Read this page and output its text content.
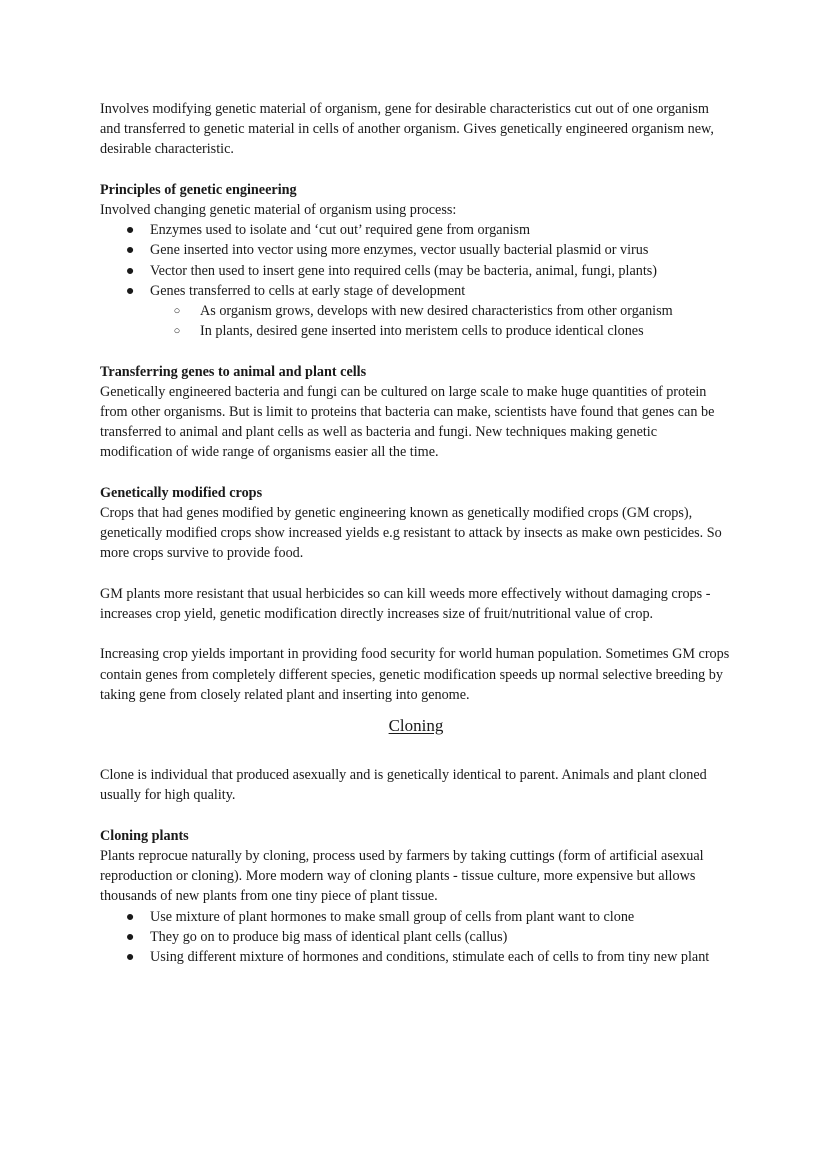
Involves modifying genetic material of organism, gene for desirable characteristics cut out of one organism and transferred to genetic material in cells of another organism. Gives genetically engineered organism new, desirable characteristic.

Principles of genetic engineering

Involved changing genetic material of organism using process:

● Enzymes used to isolate and ‘cut out’ required gene from organism
● Gene inserted into vector using more enzymes, vector usually bacterial plasmid or virus
● Vector then used to insert gene into required cells (may be bacteria, animal, fungi, plants)
● Genes transferred to cells at early stage of development
○ As organism grows, develops with new desired characteristics from other organism
○ In plants, desired gene inserted into meristem cells to produce identical clones

Transferring genes to animal and plant cells

Genetically engineered bacteria and fungi can be cultured on large scale to make huge quantities of protein from other organisms. But is limit to proteins that bacteria can make, scientists have found that genes can be transferred to animal and plant cells as well as bacteria and fungi. New techniques making genetic modification of wide range of organisms easier all the time.

Genetically modified crops

Crops that had genes modified by genetic engineering known as genetically modified crops (GM crops), genetically modified crops show increased yields e.g resistant to attack by insects as make own pesticides. So more crops survive to provide food.

GM plants more resistant that usual herbicides so can kill weeds more effectively without damaging crops - increases crop yield, genetic modification directly increases size of fruit/nutritional value of crop.

Increasing crop yields important in providing food security for world human population. Sometimes GM crops contain genes from completely different species, genetic modification speeds up normal selective breeding by taking gene from closely related plant and inserting into genome.

Cloning

Clone is individual that produced asexually and is genetically identical to parent. Animals and plant cloned usually for high quality.

Cloning plants

Plants reprocue naturally by cloning, process used by farmers by taking cuttings (form of artificial asexual reproduction or cloning). More modern way of cloning plants - tissue culture, more expensive but allows thousands of new plants from one tiny piece of plant tissue.

● Use mixture of plant hormones to make small group of cells from plant want to clone
● They go on to produce big mass of identical plant cells (callus)
● Using different mixture of hormones and conditions, stimulate each of cells to from tiny new plant
